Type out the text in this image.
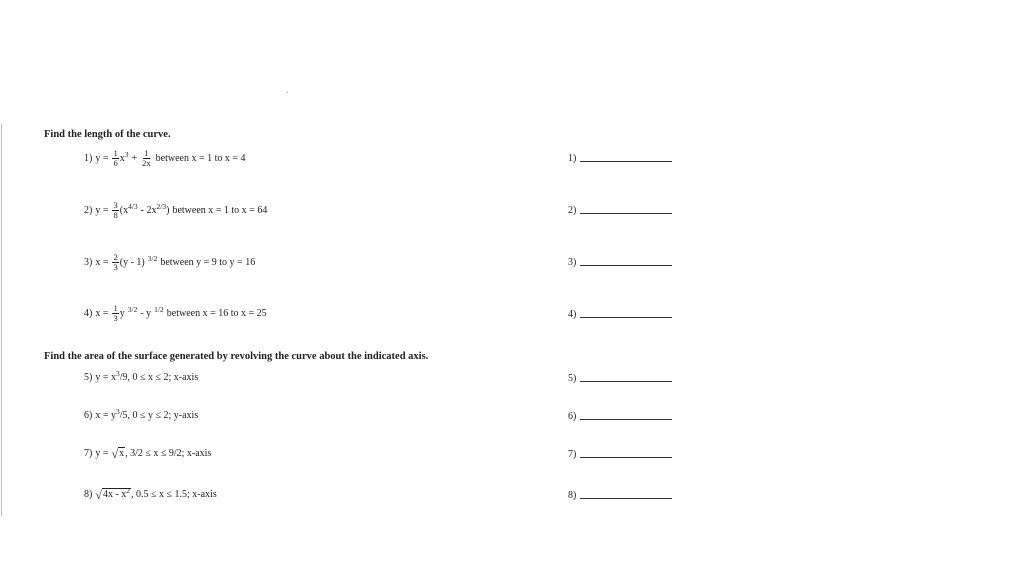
Find the length of the curve.
1) $y = \frac{1}{6}$ x $3 + \frac{1}{2x}$ between x = 1 to x = 4	1)
2) $y = \frac{3}{8} (x$ 4/3 - 2x 2/3 ) between x = 1 to x = 64	2)
3) $x = \frac{2}{3} (y - 1)$ 3/2 between y = 9 to y = 16	3)
4) $x = \frac{1}{3}$ y 3/2 - y 1/2 between x = 16 to x = 25	4)
Find the area of the surface generated by revolving the curve about the indicated axis.
5) y = x 3 /9, 0 ≤ x ≤ 2; x-axis	5)
6) x = y 3 /5, 0 ≤ y ≤ 2; y-axis	6)
7) y = √ x , 3/2 ≤ x ≤ 9/2; x-axis	7)
8) √ $4x - x^2$ , 0.5 ≤ x ≤ 1.5; x-axis	8)
